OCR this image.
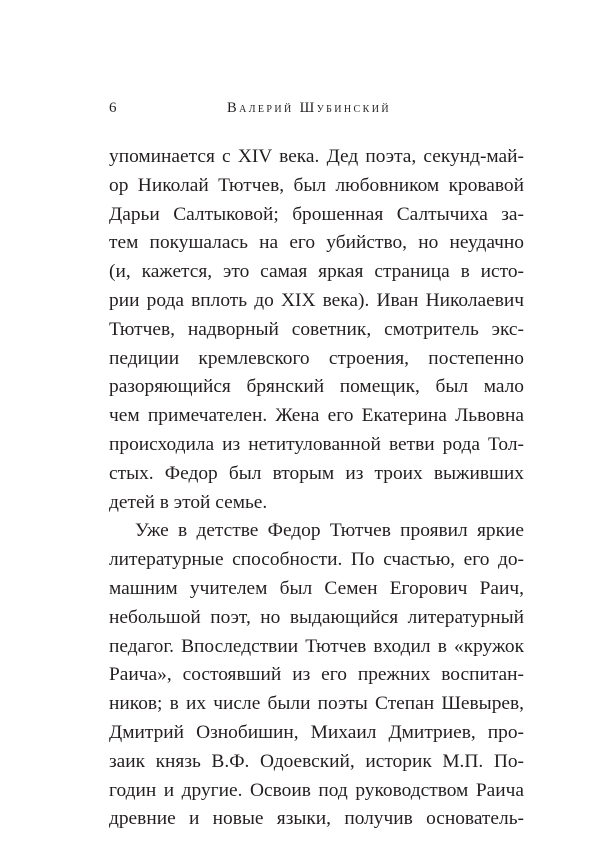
6	Валерий Шубинский
упоминается с XIV века. Дед поэта, секунд-май-
ор Николай Тютчев, был любовником кровавой
Дарьи Салтыковой; брошенная Салтычиха за-
тем покушалась на его убийство, но неудачно
(и, кажется, это самая яркая страница в исто-
рии рода вплоть до XIX века). Иван Николаевич
Тютчев, надворный советник, смотритель экс-
педиции кремлевского строения, постепенно
разоряющийся брянский помещик, был мало
чем примечателен. Жена его Екатерина Львовна
происходила из нетитулованной ветви рода Тол-
стых. Федор был вторым из троих выживших
детей в этой семье.
Уже в детстве Федор Тютчев проявил яркие
литературные способности. По счастью, его до-
машним учителем был Семен Егорович Раич,
небольшой поэт, но выдающийся литературный
педагог. Впоследствии Тютчев входил в «кружок
Раича», состоявший из его прежних воспитан-
ников; в их числе были поэты Степан Шевырев,
Дмитрий Ознобишин, Михаил Дмитриев, про-
заик князь В.Ф. Одоевский, историк М.П. По-
годин и другие. Освоив под руководством Раича
древние и новые языки, получив основатель-
